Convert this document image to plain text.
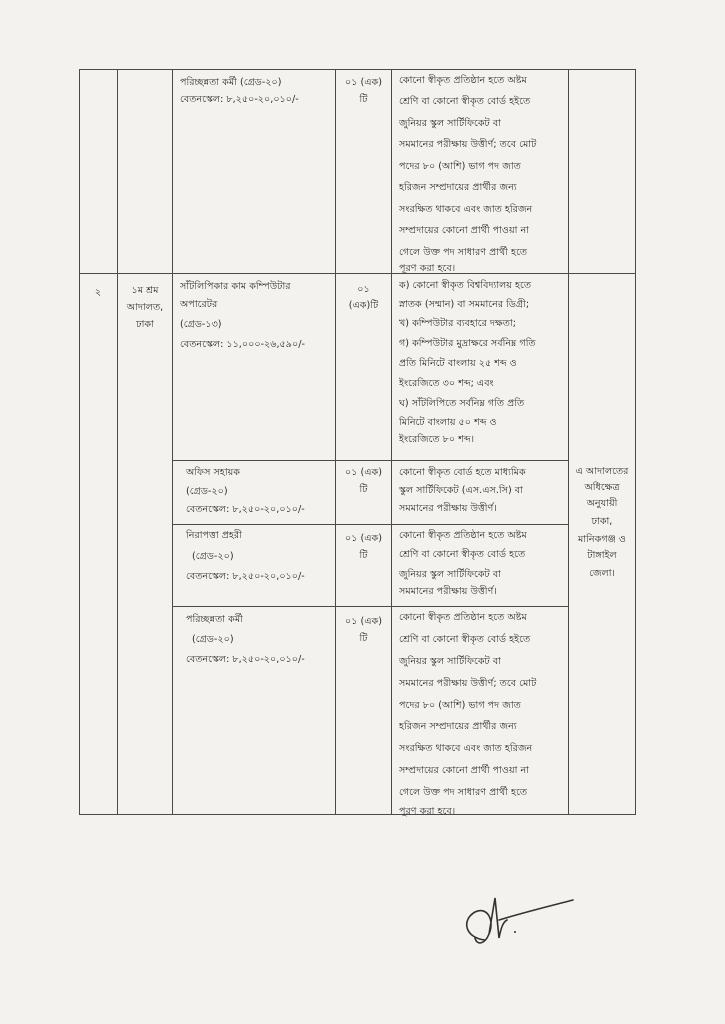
পরিচ্ছন্নতা কর্মী (গ্রেড-২০)
বেতনস্কেল: ৮,২৫০-২০,০১০/-
০১ (এক)
টি
কোনো স্বীকৃত প্রতিষ্ঠান হতে অষ্টম
শ্রেণি বা কোনো স্বীকৃত বোর্ড হইতে
জুনিয়র স্কুল সার্টিফিকেট বা
সমমানের পরীক্ষায় উত্তীর্ণ; তবে মোট
পদের ৮০ (আশি) ভাগ পদ জাত
হরিজন সম্প্রদায়ের প্রার্থীর জন্য
সংরক্ষিত থাকবে এবং জাত হরিজন
সম্প্রদায়ের কোনো প্রার্থী পাওয়া না
গেলে উক্ত পদ সাধারণ প্রার্থী হতে
পূরণ করা হবে।
২	১ম শ্রম
আদালত,
ঢাকা
সাঁটলিপিকার কাম কম্পিউটার
অপারেটর
(গ্রেড-১৩)
বেতনস্কেল: ১১,০০০-২৬,৫৯০/-
০১
(এক)টি
ক) কোনো স্বীকৃত বিশ্ববিদ্যালয় হতে
স্নাতক (সম্মান) বা সমমানের ডিগ্রী;
খ) কম্পিউটার ব্যবহারে দক্ষতা;
গ) কম্পিউটার মুদ্রাক্ষরে সর্বনিম্ন গতি
প্রতি মিনিটে বাংলায় ২৫ শব্দ ও
ইংরেজিতে ৩০ শব্দ; এবং
ঘ) সাঁটলিপিতে সর্বনিম্ন গতি প্রতি
মিনিটে বাংলায় ৫০ শব্দ ও
ইংরেজিতে ৮০ শব্দ।
অফিস সহায়ক
(গ্রেড-২০)
বেতনস্কেল: ৮,২৫০-২০,০১০/-
০১ (এক)
টি
কোনো স্বীকৃত বোর্ড হতে মাধ্যমিক
স্কুল সার্টিফিকেট (এস.এস.সি) বা
সমমানের পরীক্ষায় উত্তীর্ণ।
নিরাপত্তা প্রহরী
(গ্রেড-২০)
বেতনস্কেল: ৮,২৫০-২০,০১০/-
০১ (এক)
টি
কোনো স্বীকৃত প্রতিষ্ঠান হতে অষ্টম
শ্রেণি বা কোনো স্বীকৃত বোর্ড হতে
জুনিয়র স্কুল সার্টিফিকেট বা
সমমানের পরীক্ষায় উত্তীর্ণ।
পরিচ্ছন্নতা কর্মী
(গ্রেড-২০)
বেতনস্কেল: ৮,২৫০-২০,০১০/-
০১ (এক)
টি
কোনো স্বীকৃত প্রতিষ্ঠান হতে অষ্টম
শ্রেণি বা কোনো স্বীকৃত বোর্ড হইতে
জুনিয়র স্কুল সার্টিফিকেট বা
সমমানের পরীক্ষায় উত্তীর্ণ; তবে মোট
পদের ৮০ (আশি) ভাগ পদ জাত
হরিজন সম্প্রদায়ের প্রার্থীর জন্য
সংরক্ষিত থাকবে এবং জাত হরিজন
সম্প্রদায়ের কোনো প্রার্থী পাওয়া না
গেলে উক্ত পদ সাধারণ প্রার্থী হতে
পূরণ করা হবে।
এ আদালতের
অধিক্ষেত্র
অনুযায়ী
ঢাকা,
মানিকগঞ্জ ও
টাঙ্গাইল
জেলা।
